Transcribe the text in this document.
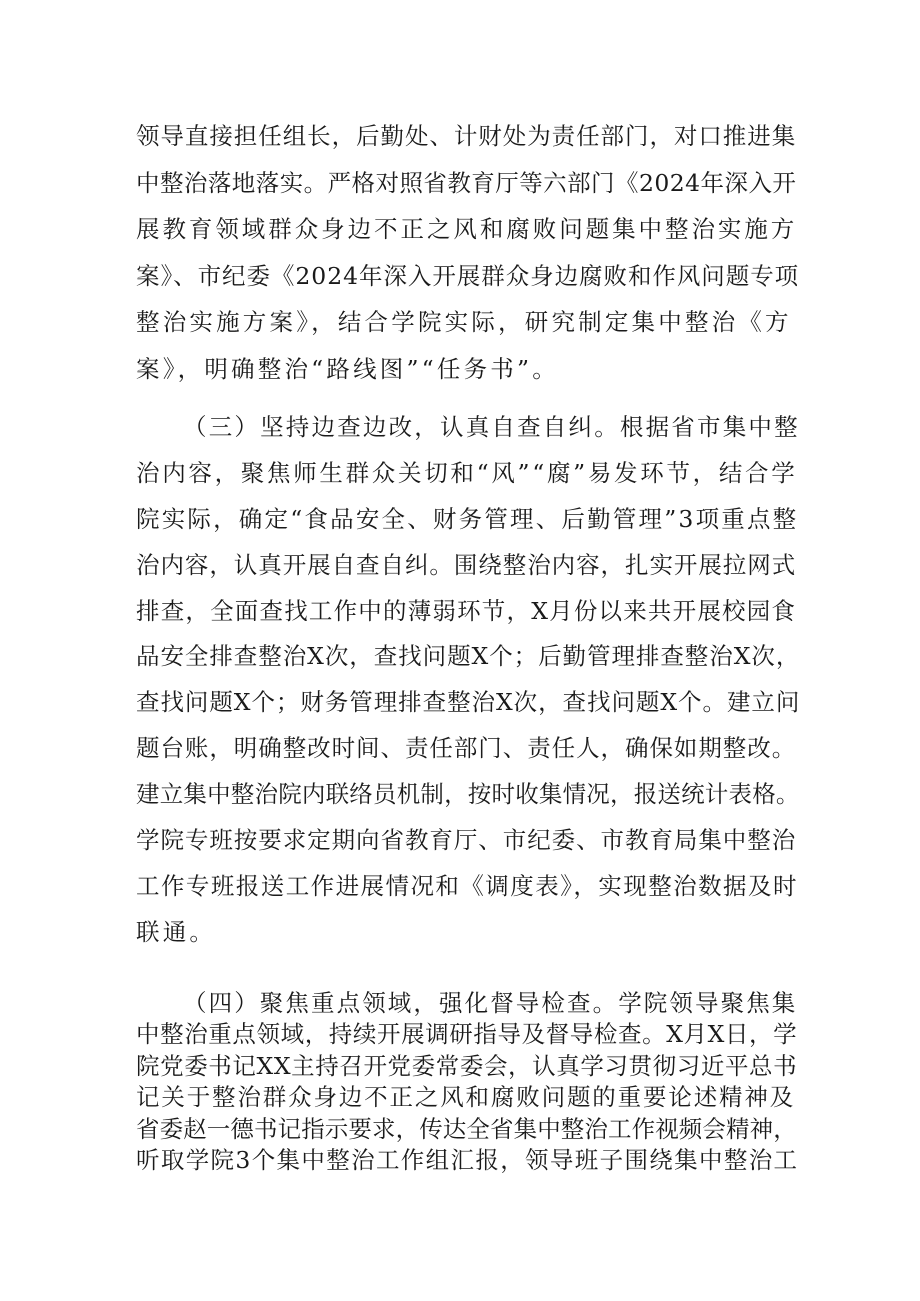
领导直接担任组长，后勤处、计财处为责任部门，对口推进集
中整治落地落实。严格对照省教育厅等六部门《2024年深入开
展教育领域群众身边不正之风和腐败问题集中整治实施方
案》、市纪委《2024年深入开展群众身边腐败和作风问题专项
整治实施方案》，结合学院实际，研究制定集中整治《方
案》，明确整治“路线图”“任务书”。
（三）坚持边查边改，认真自查自纠。根据省市集中整
治内容，聚焦师生群众关切和“风”“腐”易发环节，结合学
院实际，确定“食品安全、财务管理、后勤管理”3项重点整
治内容，认真开展自查自纠。围绕整治内容，扎实开展拉网式
排查，全面查找工作中的薄弱环节，X月份以来共开展校园食
品安全排查整治X次，查找问题X个；后勤管理排查整治X次，
查找问题X个；财务管理排查整治X次，查找问题X个。建立问
题台账，明确整改时间、责任部门、责任人，确保如期整改。
建立集中整治院内联络员机制，按时收集情况，报送统计表格。
学院专班按要求定期向省教育厅、市纪委、市教育局集中整治
工作专班报送工作进展情况和《调度表》，实现整治数据及时
联通。
（四）聚焦重点领域，强化督导检查。学院领导聚焦集
中整治重点领域，持续开展调研指导及督导检查。X月X日，学
院党委书记XX主持召开党委常委会，认真学习贯彻习近平总书
记关于整治群众身边不正之风和腐败问题的重要论述精神及
省委赵一德书记指示要求，传达全省集中整治工作视频会精神，
听取学院3个集中整治工作组汇报，领导班子围绕集中整治工
